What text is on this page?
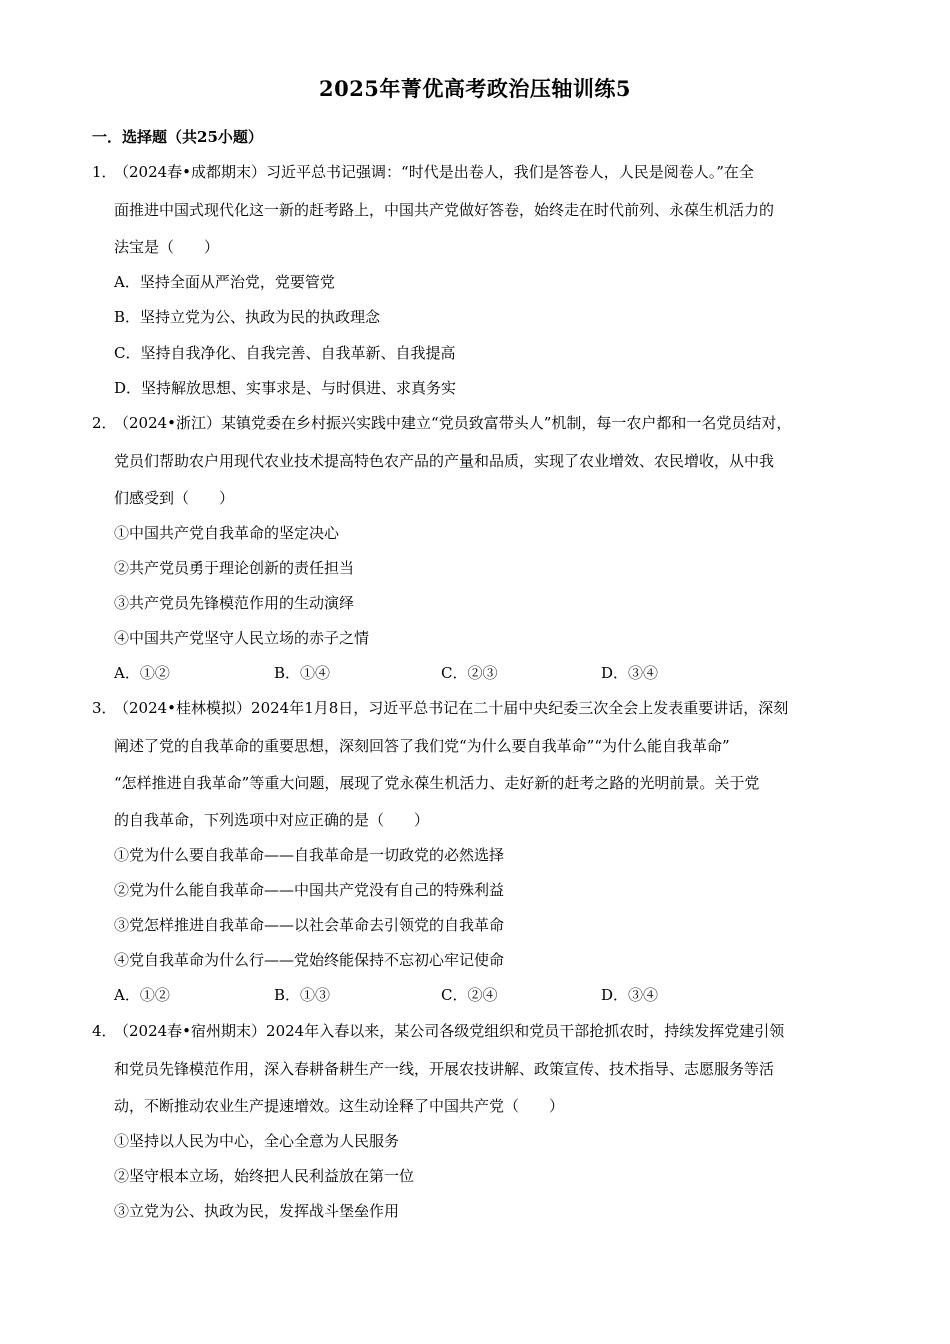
2025年菁优高考政治压轴训练5
一．选择题（共25小题）
1．
（2024春•成都期末）习近平总书记强调：“时代是出卷人，我们是答卷人，人民是阅卷人。”在全
面推进中国式现代化这一新的赶考路上，中国共产党做好答卷，始终走在时代前列、永葆生机活力的
法宝是（　　）
A．坚持全面从严治党，党要管党
B．坚持立党为公、执政为民的执政理念
C．坚持自我净化、自我完善、自我革新、自我提高
D．坚持解放思想、实事求是、与时俱进、求真务实
2．
（2024•浙江）某镇党委在乡村振兴实践中建立“党员致富带头人”机制，每一农户都和一名党员结对，
党员们帮助农户用现代农业技术提高特色农产品的产量和品质，实现了农业增效、农民增收，从中我
们感受到（　　）
①中国共产党自我革命的坚定决心
②共产党员勇于理论创新的责任担当
③共产党员先锋模范作用的生动演绎
④中国共产党坚守人民立场的赤子之情
A．①②	B．①④	C．②③	D．③④
3．
（2024•桂林模拟）2024年1月8日，习近平总书记在二十届中央纪委三次全会上发表重要讲话，深刻
阐述了党的自我革命的重要思想，深刻回答了我们党“为什么要自我革命”“为什么能自我革命”
“怎样推进自我革命”等重大问题，展现了党永葆生机活力、走好新的赶考之路的光明前景。关于党
的自我革命，下列选项中对应正确的是（　　）
①党为什么要自我革命——自我革命是一切政党的必然选择
②党为什么能自我革命——中国共产党没有自己的特殊利益
③党怎样推进自我革命——以社会革命去引领党的自我革命
④党自我革命为什么行——党始终能保持不忘初心牢记使命
A．①②	B．①③	C．②④	D．③④
4．
（2024春•宿州期末）2024年入春以来，某公司各级党组织和党员干部抢抓农时，持续发挥党建引领
和党员先锋模范作用，深入春耕备耕生产一线，开展农技讲解、政策宣传、技术指导、志愿服务等活
动，不断推动农业生产提速增效。这生动诠释了中国共产党（　　）
①坚持以人民为中心，全心全意为人民服务
②坚守根本立场，始终把人民利益放在第一位
③立党为公、执政为民，发挥战斗堡垒作用
